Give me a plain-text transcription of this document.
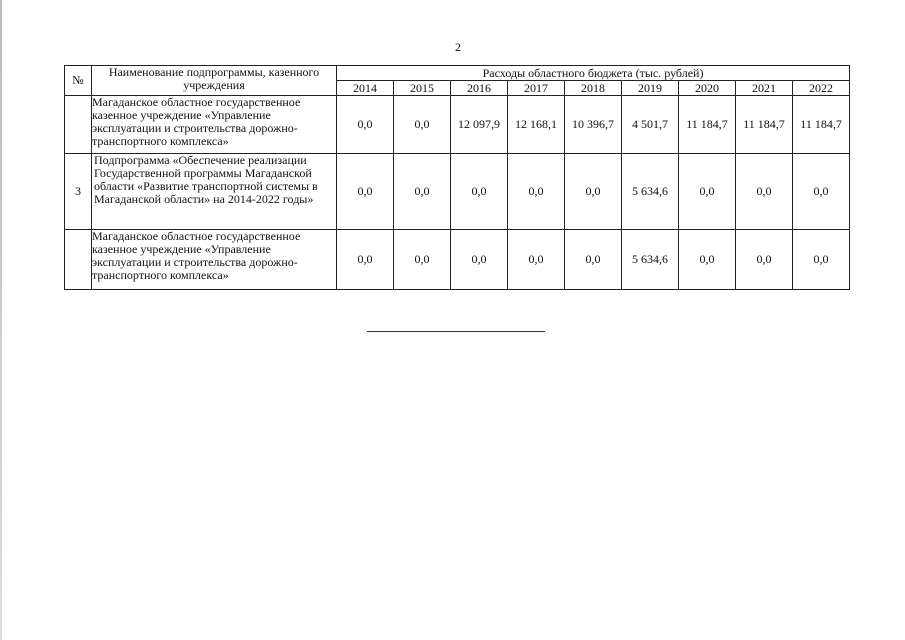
2
№	Наименование подпрограммы, казенного учреждения	Расходы областного бюджета (тыс. рублей)								
		2014	2015	2016	2017	2018	2019	2020	2021	2022
	Магаданское областное государственное казенное учреждение «Управление эксплуатации и строительства дорожно-транспортного комплекса»	0,0	0,0	12 097,9	12 168,1	10 396,7	4 501,7	11 184,7	11 184,7	11 184,7
3	Подпрограмма «Обеспечение реализации Государственной программы Магаданской области «Развитие транспортной системы в Магаданской области» на 2014-2022 годы»	0,0	0,0	0,0	0,0	0,0	5 634,6	0,0	0,0	0,0
	Магаданское областное государственное казенное учреждение «Управление эксплуатации и строительства дорожно-транспортного комплекса»	0,0	0,0	0,0	0,0	0,0	5 634,6	0,0	0,0	0,0
